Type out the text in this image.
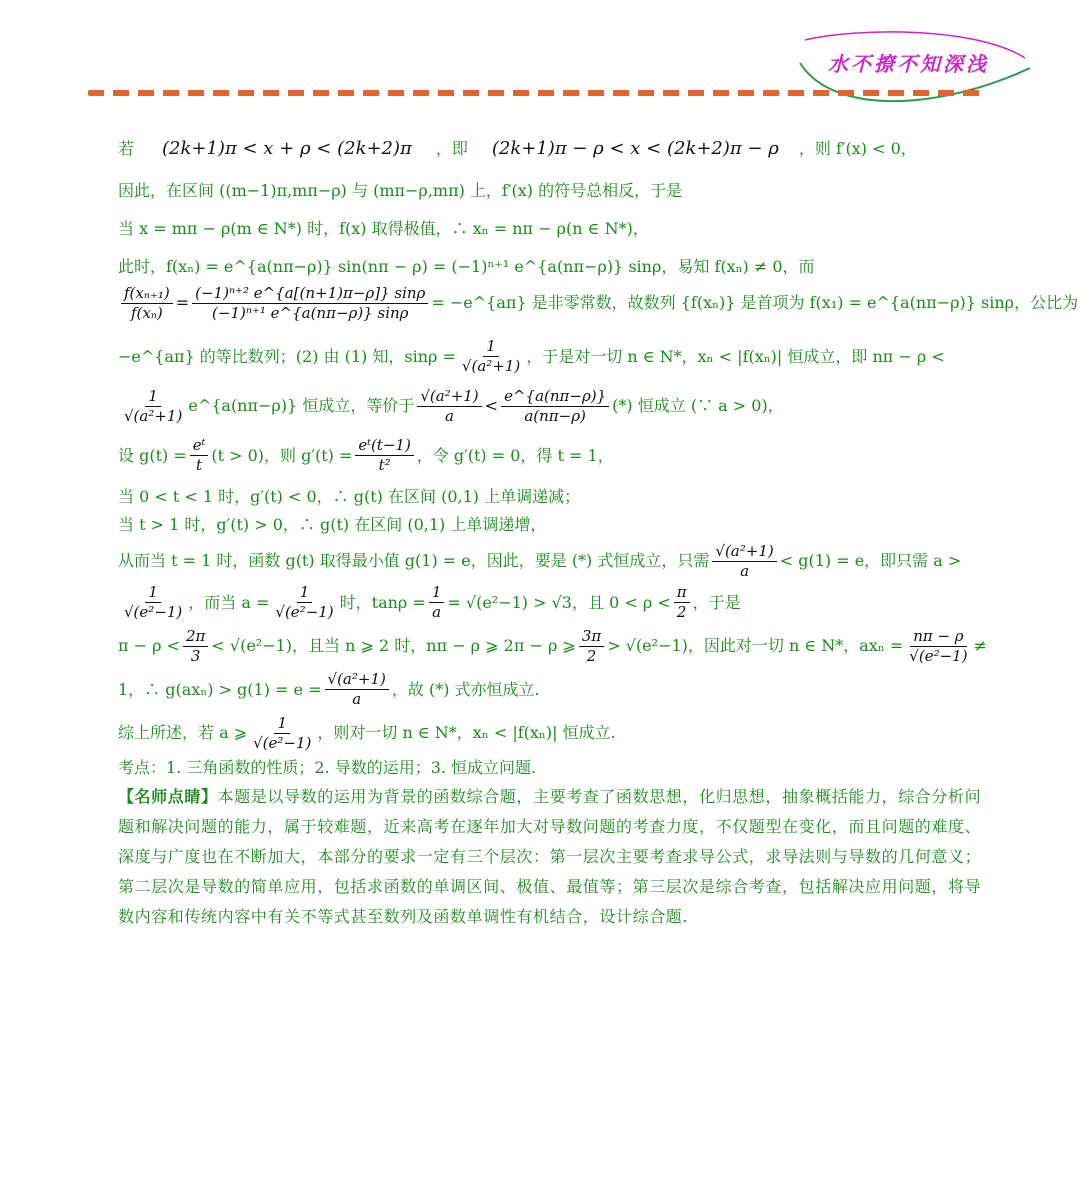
水不撩不知深浅
若 (2k+1)π < x + ρ < (2k+2)π ，即 (2k+1)π − ρ < x < (2k+2)π − ρ ，则 f′(x) < 0，
因此，在区间 ((m−1)π,mπ−ρ) 与 (mπ−ρ,mπ) 上，f′(x) 的符号总相反，于是
当 x = mπ − ρ(m ∈ N*) 时，f(x) 取得极值，∴ xₙ = nπ − ρ(n ∈ N*)，
此时，f(xₙ) = e^{a(nπ−ρ)} sin(nπ − ρ) = (−1)ⁿ⁺¹ e^{a(nπ−ρ)} sinρ，易知 f(xₙ) ≠ 0，而
$\frac{\text{f(xₙ₊₁)}}{\text{f(xₙ)}} = \frac{\text{(−1)ⁿ⁺² e\textasciicircum{}\{a[(n+1)π−ρ]\} sinρ}}{\text{(−1)ⁿ⁺¹ e\textasciicircum{}\{a(nπ−ρ)\} sinρ}}$ = −e^{aπ} 是非零常数，故数列 {f(xₙ)} 是首项为 f(x₁) = e^{a(nπ−ρ)} sinρ，公比为
−e^{aπ} 的等比数列；(2) 由 (1) 知，$\sin\rho = \frac{1}{\text{√(a²+1)}}$ ，于是对一切 n ∈ N*，xₙ < |f(xₙ)| 恒成立，即 nπ − ρ <
$\frac{1}{\text{√(a²+1)}}$ e^{a(nπ−ρ)} 恒成立，等价于 $\frac{\text{√(a²+1)}}{a} < \frac{e\^{}\{a(n\pi-\rho)\}}{a(n\pi-\rho)}$ (*) 恒成立 (∵ a > 0)，
设 $g(t) = \frac{\text{eᵗ}}{t} (t > 0)$，则 $g'(t) = \frac{\text{eᵗ(t−1)}}{\text{t²}}$ ，令 g′(t) = 0，得 t = 1，
当 0 < t < 1 时，g′(t) < 0，∴ g(t) 在区间 (0,1) 上单调递减；
当 t > 1 时，g′(t) > 0，∴ g(t) 在区间 (0,1) 上单调递增，
从而当 t = 1 时，函数 g(t) 取得最小值 g(1) = e，因此，要是 (*) 式恒成立，只需 $\frac{\text{√(a²+1)}}{a} < g(1) = e$，即只需 a >
$\frac{1}{\text{√(e²−1)}}$ ，而当 $a = \frac{1}{\text{√(e²−1)}}$ 时，$\tan\rho = \frac{1}{a} = √(e^2-1) > √3$，且 $0 < \rho < \frac{\pi}{2}$ ，于是
$\pi - \rho < \frac{2\pi}{3} < √(e^2-1)$，且当 n ⩾ 2 时，nπ − ρ ⩾ 2π − ρ ⩾ $\frac{3\pi}{2} > √(e^2-1)$，因此对一切 n ∈ N*，$ax_n = \frac{n\pi - \rho}{\text{√(e²−1)}}$ ≠
1，∴ $g(ax_n) > g(1) = e = \frac{\text{√(a²+1)}}{a}$ ，故 (*) 式亦恒成立.
综上所述，若 a ⩾ $\frac{1}{\text{√(e²−1)}}$ ，则对一切 n ∈ N*，xₙ < |f(xₙ)| 恒成立.
考点：1. 三角函数的性质；2. 导数的运用；3. 恒成立问题.
【名师点睛】本题是以导数的运用为背景的函数综合题，主要考查了函数思想，化归思想，抽象概括能力，综合分析问题和解决问题的能力，属于较难题，近来高考在逐年加大对导数问题的考查力度，不仅题型在变化，而且问题的难度、深度与广度也在不断加大，本部分的要求一定有三个层次：第一层次主要考查求导公式，求导法则与导数的几何意义；第二层次是导数的简单应用，包括求函数的单调区间、极值、最值等；第三层次是综合考查，包括解决应用问题，将导数内容和传统内容中有关不等式甚至数列及函数单调性有机结合，设计综合题.
